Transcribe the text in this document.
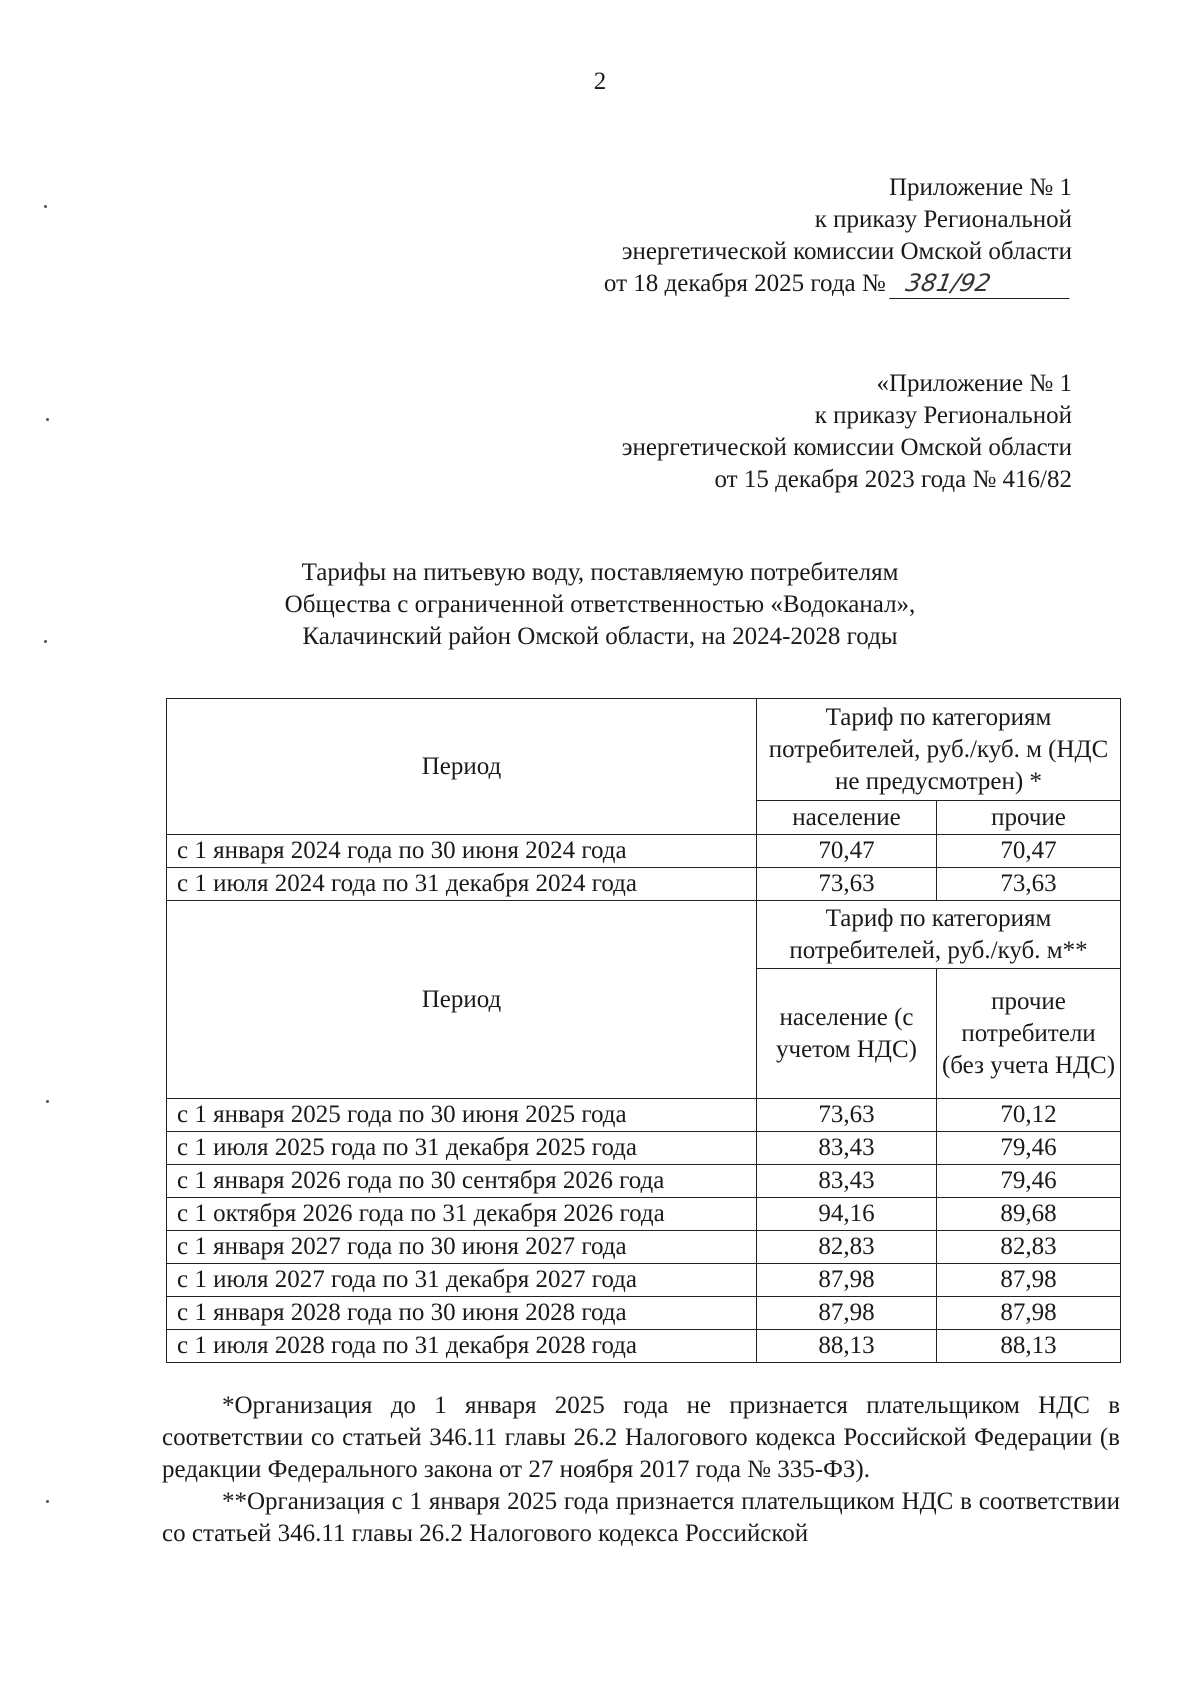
2
Приложение № 1
к приказу Региональной
энергетической комиссии Омской области
от 18 декабря 2025 года № 381/92
«Приложение № 1
к приказу Региональной
энергетической комиссии Омской области
от 15 декабря 2023 года № 416/82
Тарифы на питьевую воду, поставляемую потребителям
Общества с ограниченной ответственностью «Водоканал»,
Калачинский район Омской области, на 2024-2028 годы
Период	Тариф по категориям потребителей, руб./куб. м (НДС не предусмотрен) *	
	население	прочие
с 1 января 2024 года по 30 июня 2024 года	70,47	70,47
с 1 июля 2024 года по 31 декабря 2024 года	73,63	73,63
Период	Тариф по категориям потребителей, руб./куб. м**	
	население (с учетом НДС)	прочие потребители (без учета НДС)
с 1 января 2025 года по 30 июня 2025 года	73,63	70,12
с 1 июля 2025 года по 31 декабря 2025 года	83,43	79,46
с 1 января 2026 года по 30 сентября 2026 года	83,43	79,46
с 1 октября 2026 года по 31 декабря 2026 года	94,16	89,68
с 1 января 2027 года по 30 июня 2027 года	82,83	82,83
с 1 июля 2027 года по 31 декабря 2027 года	87,98	87,98
с 1 января 2028 года по 30 июня 2028 года	87,98	87,98
с 1 июля 2028 года по 31 декабря 2028 года	88,13	88,13

*Организация до 1 января 2025 года не признается плательщиком НДС в соответствии со статьей 346.11 главы 26.2 Налогового кодекса Российской Федерации (в редакции Федерального закона от 27 ноября 2017 года № 335-ФЗ).

**Организация с 1 января 2025 года признается плательщиком НДС в соответствии со статьей 346.11 главы 26.2 Налогового кодекса Российской
